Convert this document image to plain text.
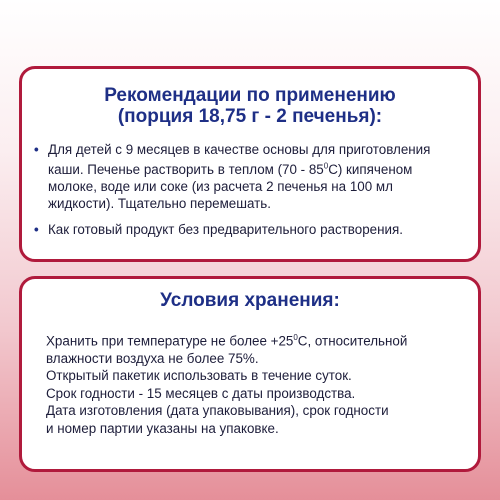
Рекомендации по применению
(порция 18,75 г - 2 печенья):
• Для детей с 9 месяцев в качестве основы для приготовления
каши. Печенье растворить в теплом $(70 - 85^0C)$ кипяченом
молоке, воде или соке (из расчета 2 печенья на 100 мл
жидкости). Тщательно перемешать.
• Как готовый продукт без предварительного растворения.
Условия хранения:
Хранить при температуре не более $+25^0C$, относительной
влажности воздуха не более 75%.
Открытый пакетик использовать в течение суток.
Срок годности - 15 месяцев с даты производства.
Дата изготовления (дата упаковывания), срок годности
и номер партии указаны на упаковке.
